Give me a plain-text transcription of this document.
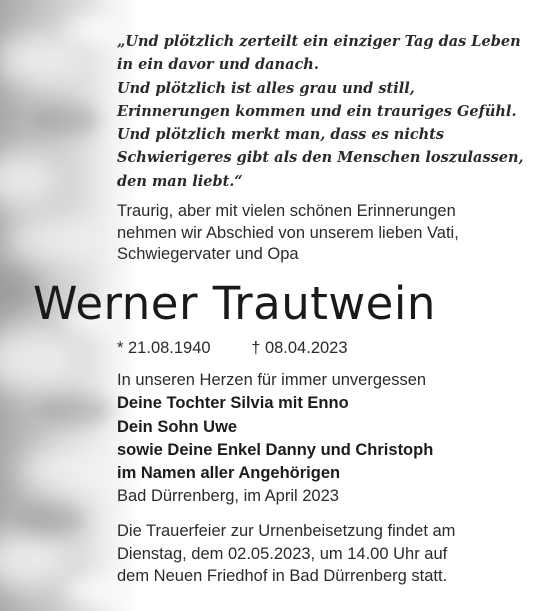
„Und plötzlich zerteilt ein einziger Tag das Leben
in ein davor und danach.
Und plötzlich ist alles grau und still,
Erinnerungen kommen und ein trauriges Gefühl.
Und plötzlich merkt man, dass es nichts
Schwierigeres gibt als den Menschen loszulassen,
den man liebt.“
Traurig, aber mit vielen schönen Erinnerungen
nehmen wir Abschied von unserem lieben Vati,
Schwiegervater und Opa
Werner Trautwein
* 21.08.1940 † 08.04.2023
In unseren Herzen für immer unvergessen
Deine Tochter Silvia mit Enno
Dein Sohn Uwe
sowie Deine Enkel Danny und Christoph
im Namen aller Angehörigen
Bad Dürrenberg, im April 2023
Die Trauerfeier zur Urnenbeisetzung findet am
Dienstag, dem 02.05.2023, um 14.00 Uhr auf
dem Neuen Friedhof in Bad Dürrenberg statt.
